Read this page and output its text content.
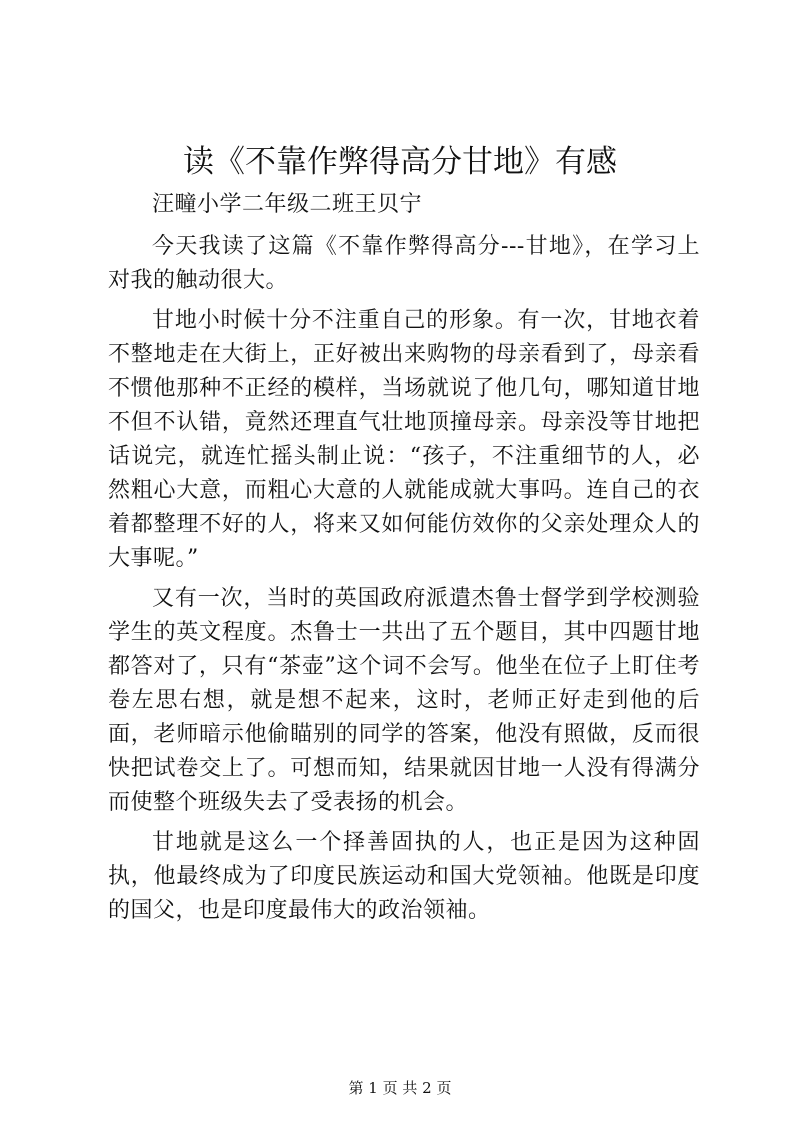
读《不靠作弊得高分甘地》有感

汪疃小学二年级二班王贝宁

今天我读了这篇《不靠作弊得高分---甘地》，在学习上对我的触动很大。

甘地小时候十分不注重自己的形象。有一次，甘地衣着不整地走在大街上，正好被出来购物的母亲看到了，母亲看不惯他那种不正经的模样，当场就说了他几句，哪知道甘地不但不认错，竟然还理直气壮地顶撞母亲。母亲没等甘地把话说完，就连忙摇头制止说：“孩子，不注重细节的人，必然粗心大意，而粗心大意的人就能成就大事吗。连自己的衣着都整理不好的人，将来又如何能仿效你的父亲处理众人的大事呢。”

又有一次，当时的英国政府派遣杰鲁士督学到学校测验学生的英文程度。杰鲁士一共出了五个题目，其中四题甘地都答对了，只有“茶壶”这个词不会写。他坐在位子上盯住考卷左思右想，就是想不起来，这时，老师正好走到他的后面，老师暗示他偷瞄别的同学的答案，他没有照做，反而很快把试卷交上了。可想而知，结果就因甘地一人没有得满分而使整个班级失去了受表扬的机会。

甘地就是这么一个择善固执的人，也正是因为这种固执，他最终成为了印度民族运动和国大党领袖。他既是印度的国父，也是印度最伟大的政治领袖。

第 1 页 共 2 页
